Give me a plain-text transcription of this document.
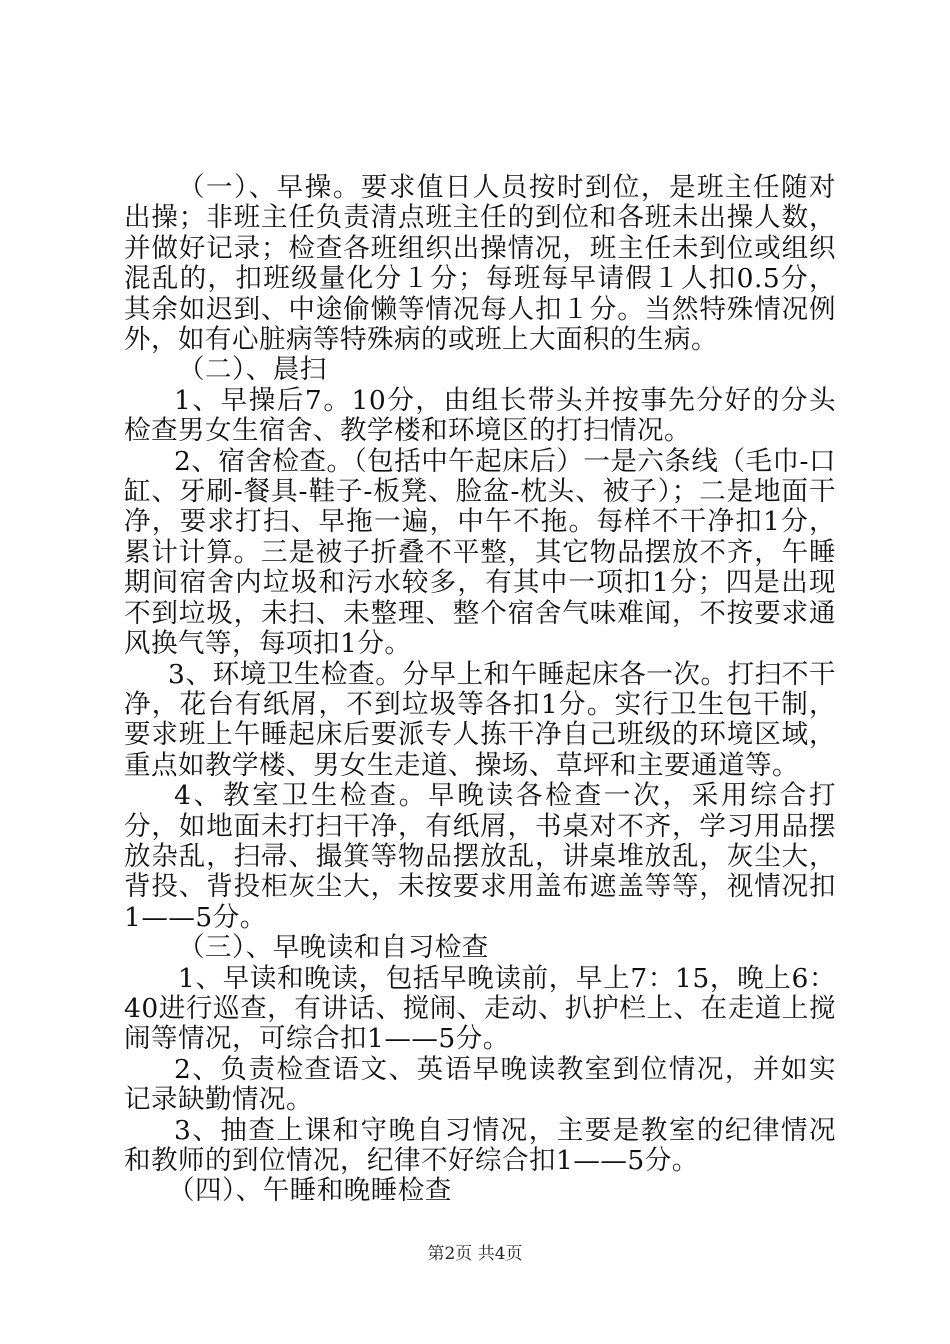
（一）、早操。要求值日人员按时到位，是班主任随对出操；非班主任负责清点班主任的到位和各班未出操人数，并做好记录；检查各班组织出操情况，班主任未到位或组织混乱的，扣班级量化分１分；每班每早请假１人扣0.5分，其余如迟到、中途偷懒等情况每人扣１分。当然特殊情况例外，如有心脏病等特殊病的或班上大面积的生病。

（二）、晨扫

1、早操后7。10分，由组长带头并按事先分好的分头检查男女生宿舍、教学楼和环境区的打扫情况。

2、宿舍检查。（包括中午起床后）一是六条线（毛巾-口缸、牙刷-餐具-鞋子-板凳、脸盆-枕头、被子）；二是地面干净，要求打扫、早拖一遍，中午不拖。每样不干净扣1分，累计计算。三是被子折叠不平整，其它物品摆放不齐，午睡期间宿舍内垃圾和污水较多，有其中一项扣1分；四是出现不到垃圾，未扫、未整理、整个宿舍气味难闻，不按要求通风换气等，每项扣1分。

3、环境卫生检查。分早上和午睡起床各一次。打扫不干净，花台有纸屑，不到垃圾等各扣1分。实行卫生包干制，要求班上午睡起床后要派专人拣干净自己班级的环境区域，重点如教学楼、男女生走道、操场、草坪和主要通道等。

4、教室卫生检查。早晚读各检查一次，采用综合打分，如地面未打扫干净，有纸屑，书桌对不齐，学习用品摆放杂乱，扫帚、撮箕等物品摆放乱，讲桌堆放乱，灰尘大，背投、背投柜灰尘大，未按要求用盖布遮盖等等，视情况扣1——5分。

（三）、早晚读和自习检查

1、早读和晚读，包括早晚读前，早上7：15，晚上6：40进行巡查，有讲话、搅闹、走动、扒护栏上、在走道上搅闹等情况，可综合扣1——5分。

2、负责检查语文、英语早晚读教室到位情况，并如实记录缺勤情况。

3、抽查上课和守晚自习情况，主要是教室的纪律情况和教师的到位情况，纪律不好综合扣1——5分。

（四）、午睡和晚睡检查

第2页 共4页
